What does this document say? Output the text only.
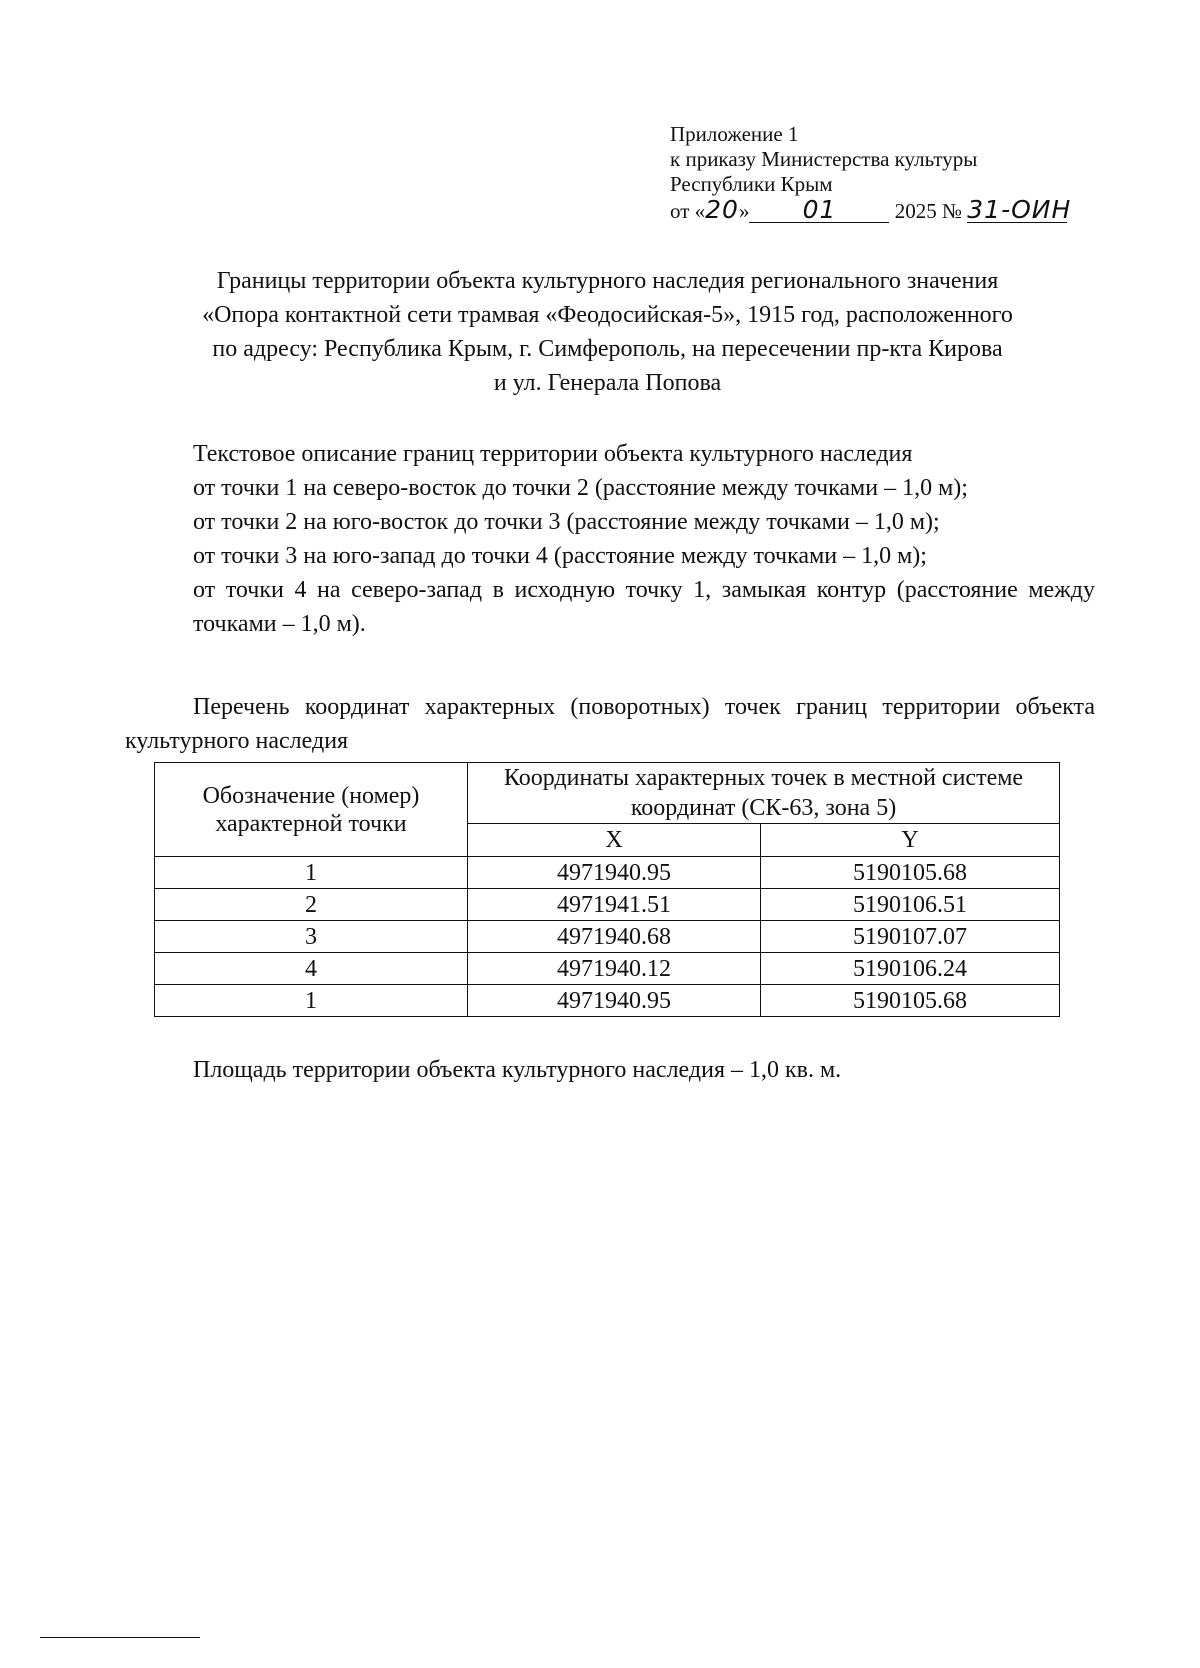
Приложение 1
к приказу Министерства культуры
Республики Крым
от «20» 01	2025 № 31-ОИН
Границы территории объекта культурного наследия регионального значения
«Опора контактной сети трамвая «Феодосийская-5», 1915 год, расположенного
по адресу: Республика Крым, г. Симферополь, на пересечении пр-кта Кирова
и ул. Генерала Попова
Текстовое описание границ территории объекта культурного наследия
от точки 1 на северо-восток до точки 2 (расстояние между точками – 1,0 м);
от точки 2 на юго-восток до точки 3 (расстояние между точками – 1,0 м);
от точки 3 на юго-запад до точки 4 (расстояние между точками – 1,0 м);
от точки 4 на северо-запад в исходную точку 1, замыкая контур (расстояние между точками – 1,0 м).
Перечень координат характерных (поворотных) точек границ территории объекта культурного наследия
Обозначение (номер) характерной точки	Координаты характерных точек в местной системе координат (СК-63, зона 5)	
	X	Y
1	4971940.95	5190105.68
2	4971941.51	5190106.51
3	4971940.68	5190107.07
4	4971940.12	5190106.24
1	4971940.95	5190105.68
Площадь территории объекта культурного наследия – 1,0 кв. м.
